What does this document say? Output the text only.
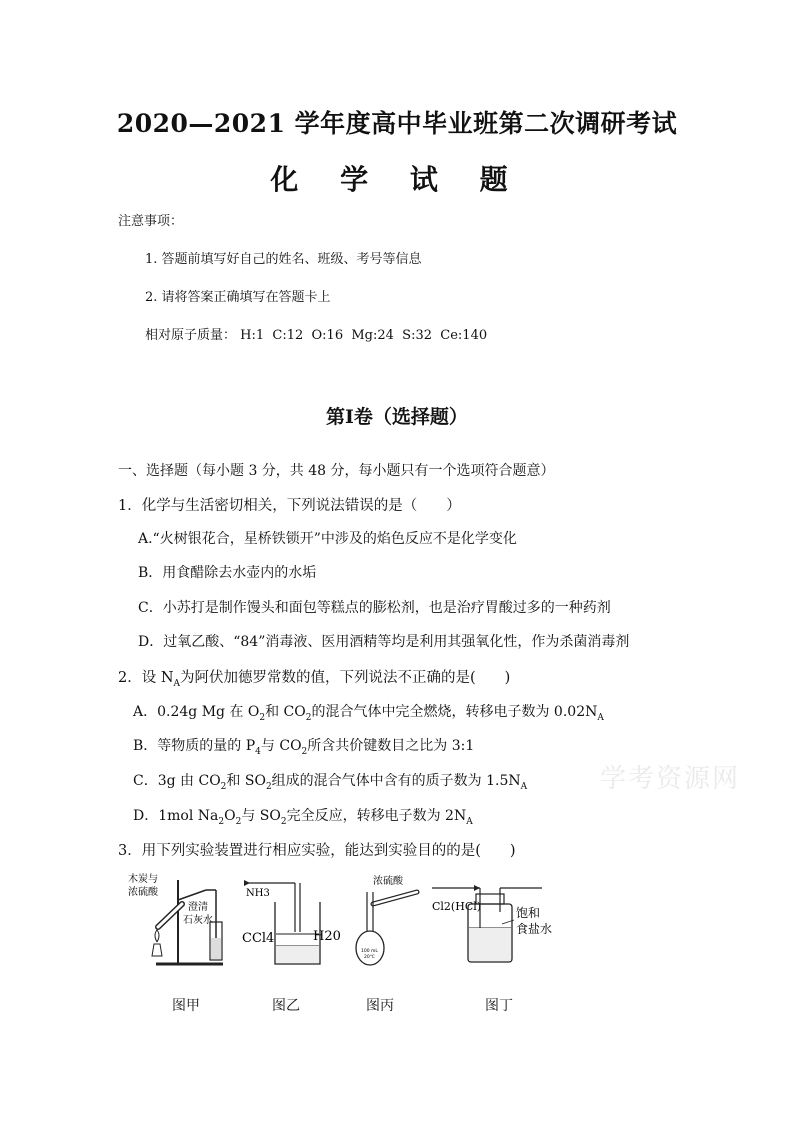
2020—2021 学年度高中毕业班第二次调研考试
化 学 试 题
注意事项：
1. 答题前填写好自己的姓名、班级、考号等信息
2. 请将答案正确填写在答题卡上
相对原子质量： H:1  C:12  O:16  Mg:24  S:32  Ce:140
第Ⅰ卷（选择题）
一、选择题（每小题 3 分，共 48 分，每小题只有一个选项符合题意）
1．化学与生活密切相关，下列说法错误的是（　　）
A.“火树银花合，星桥铁锁开”中涉及的焰色反应不是化学变化
B．用食醋除去水壶内的水垢
C．小苏打是制作馒头和面包等糕点的膨松剂，也是治疗胃酸过多的一种药剂
D．过氧乙酸、“84”消毒液、医用酒精等均是利用其强氧化性，作为杀菌消毒剂
2．设 $N_A$为阿伏加德罗常数的值，下列说法不正确的是(　　)
A．0.24g Mg 在 $O_2$和 $CO_2$的混合气体中完全燃烧，转移电子数为 $0.02N_A$
B．等物质的量的 $P_4$与 $CO_2$所含共价键数目之比为 3:1
C．3g 由 $CO_2$和 $SO_2$组成的混合气体中含有的质子数为 $1.5N_A$
D．1mol $Na_2O_2$与 $SO_2$完全反应，转移电子数为 $2N_A$
学考资源网
3．用下列实验装置进行相应实验，能达到实验目的的是(　　)
木炭与
浓硫酸
澄清
石灰水
NH3
CCl4	H20
浓硫酸
100 mL
20℃
Cl2(HCl)	饱和
食盐水
图甲	图乙	图丙	图丁
